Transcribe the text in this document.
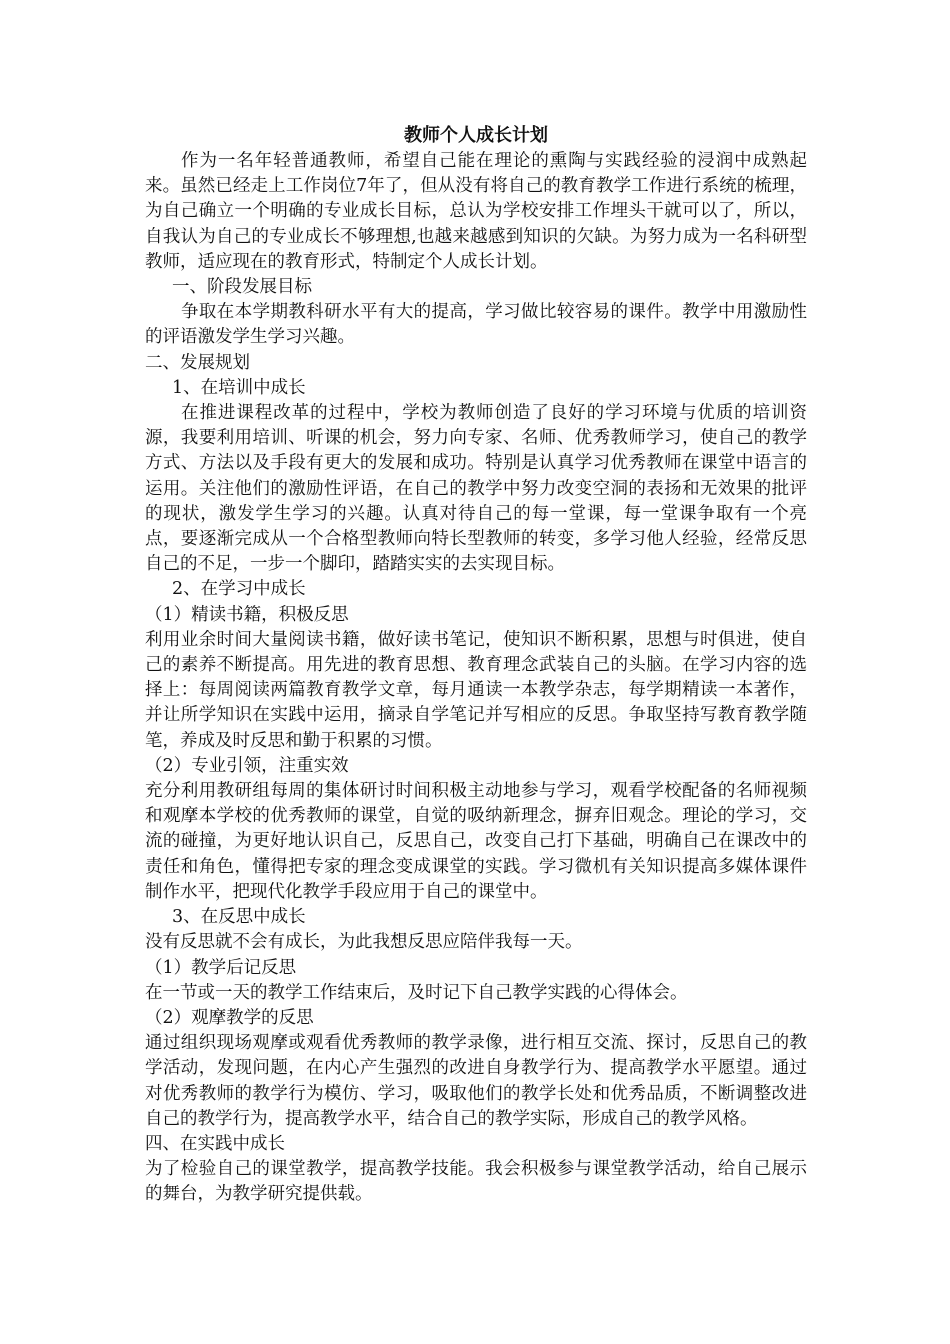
教师个人成长计划

作为一名年轻普通教师，希望自己能在理论的熏陶与实践经验的浸润中成熟起来。虽然已经走上工作岗位7年了，但从没有将自己的教育教学工作进行系统的梳理，为自己确立一个明确的专业成长目标，总认为学校安排工作埋头干就可以了，所以，自我认为自己的专业成长不够理想,也越来越感到知识的欠缺。为努力成为一名科研型教师，适应现在的教育形式，特制定个人成长计划。

一、阶段发展目标

争取在本学期教科研水平有大的提高，学习做比较容易的课件。教学中用激励性的评语激发学生学习兴趣。

二、发展规划

1、在培训中成长

在推进课程改革的过程中，学校为教师创造了良好的学习环境与优质的培训资源，我要利用培训、听课的机会，努力向专家、名师、优秀教师学习，使自己的教学方式、方法以及手段有更大的发展和成功。特别是认真学习优秀教师在课堂中语言的运用。关注他们的激励性评语，在自己的教学中努力改变空洞的表扬和无效果的批评的现状，激发学生学习的兴趣。认真对待自己的每一堂课，每一堂课争取有一个亮点，要逐渐完成从一个合格型教师向特长型教师的转变，多学习他人经验，经常反思自己的不足，一步一个脚印，踏踏实实的去实现目标。

2、在学习中成长

（1）精读书籍，积极反思

利用业余时间大量阅读书籍，做好读书笔记，使知识不断积累，思想与时俱进，使自己的素养不断提高。用先进的教育思想、教育理念武装自己的头脑。在学习内容的选择上：每周阅读两篇教育教学文章，每月通读一本教学杂志，每学期精读一本著作，并让所学知识在实践中运用，摘录自学笔记并写相应的反思。争取坚持写教育教学随笔，养成及时反思和勤于积累的习惯。

（2）专业引领，注重实效

充分利用教研组每周的集体研讨时间积极主动地参与学习，观看学校配备的名师视频和观摩本学校的优秀教师的课堂，自觉的吸纳新理念，摒弃旧观念。理论的学习，交流的碰撞，为更好地认识自己，反思自己，改变自己打下基础，明确自己在课改中的责任和角色，懂得把专家的理念变成课堂的实践。学习微机有关知识提高多媒体课件制作水平，把现代化教学手段应用于自己的课堂中。

3、在反思中成长

没有反思就不会有成长，为此我想反思应陪伴我每一天。

（1）教学后记反思

在一节或一天的教学工作结束后，及时记下自己教学实践的心得体会。

（2）观摩教学的反思

通过组织现场观摩或观看优秀教师的教学录像，进行相互交流、探讨，反思自己的教学活动，发现问题，在内心产生强烈的改进自身教学行为、提高教学水平愿望。通过对优秀教师的教学行为模仿、学习，吸取他们的教学长处和优秀品质，不断调整改进自己的教学行为，提高教学水平，结合自己的教学实际，形成自己的教学风格。

四、在实践中成长

为了检验自己的课堂教学，提高教学技能。我会积极参与课堂教学活动，给自己展示的舞台，为教学研究提供载。
